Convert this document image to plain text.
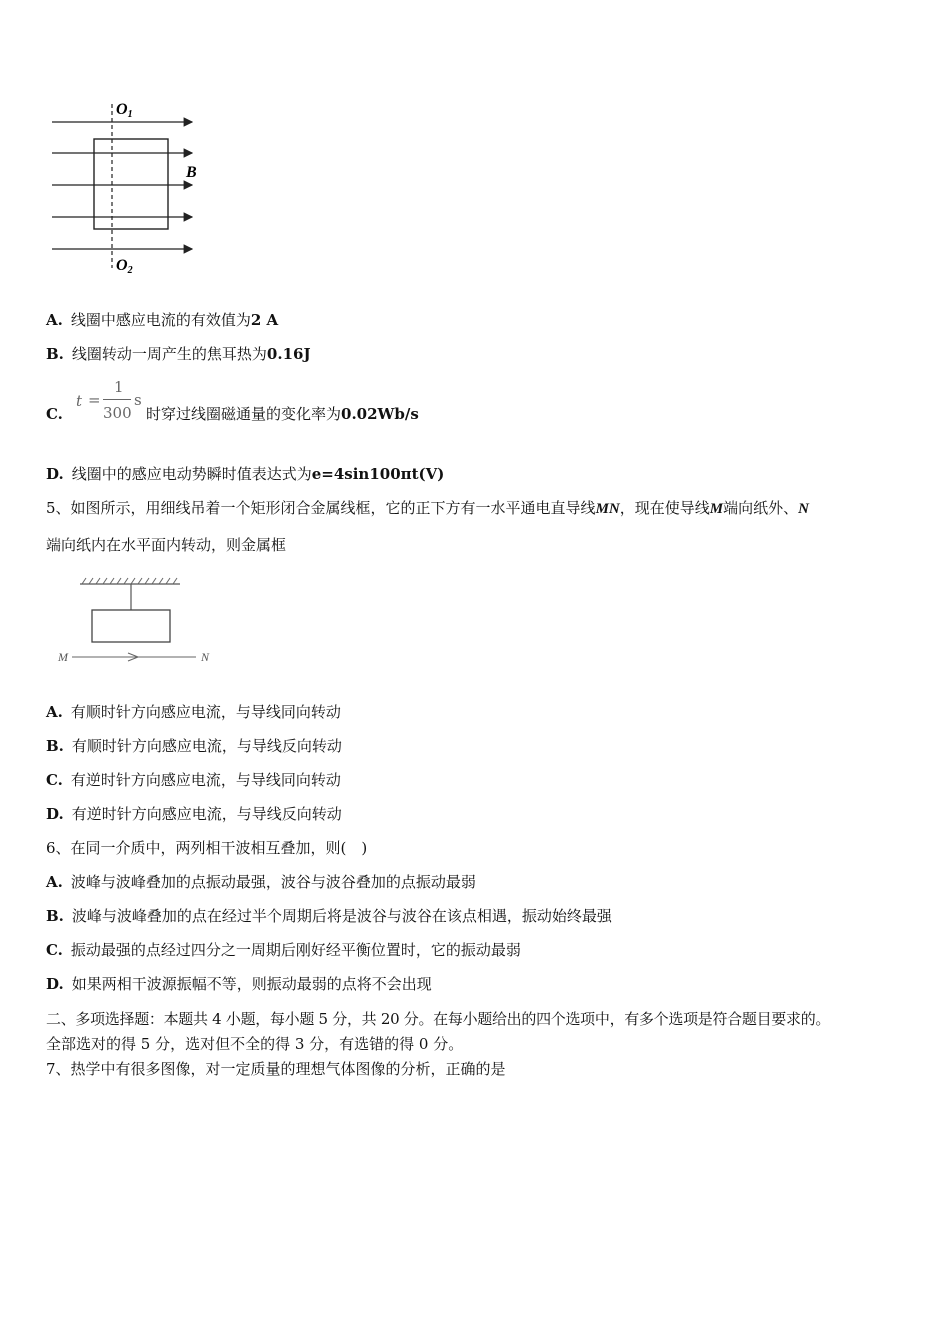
O1
O2
B
A. 线圈中感应电流的有效值为2 A
B. 线圈转动一周产生的焦耳热为0.16J
C.
t =
1
300
s
时穿过线圈磁通量的变化率为0.02Wb/s
D. 线圈中的感应电动势瞬时值表达式为e=4sin100πt(V)
5、如图所示，用细线吊着一个矩形闭合金属线框，它的正下方有一水平通电直导线MN，现在使导线M端向纸外、N
端向纸内在水平面内转动，则金属框
M	N
A. 有顺时针方向感应电流，与导线同向转动
B. 有顺时针方向感应电流，与导线反向转动
C. 有逆时针方向感应电流，与导线同向转动
D. 有逆时针方向感应电流，与导线反向转动
6、在同一介质中，两列相干波相互叠加，则(　)
A. 波峰与波峰叠加的点振动最强，波谷与波谷叠加的点振动最弱
B. 波峰与波峰叠加的点在经过半个周期后将是波谷与波谷在该点相遇，振动始终最强
C. 振动最强的点经过四分之一周期后刚好经平衡位置时，它的振动最弱
D. 如果两相干波源振幅不等，则振动最弱的点将不会出现
二、多项选择题：本题共 4 小题，每小题 5 分，共 20 分。在每小题给出的四个选项中，有多个选项是符合题目要求的。
全部选对的得 5 分，选对但不全的得 3 分，有选错的得 0 分。
7、热学中有很多图像，对一定质量的理想气体图像的分析，正确的是
